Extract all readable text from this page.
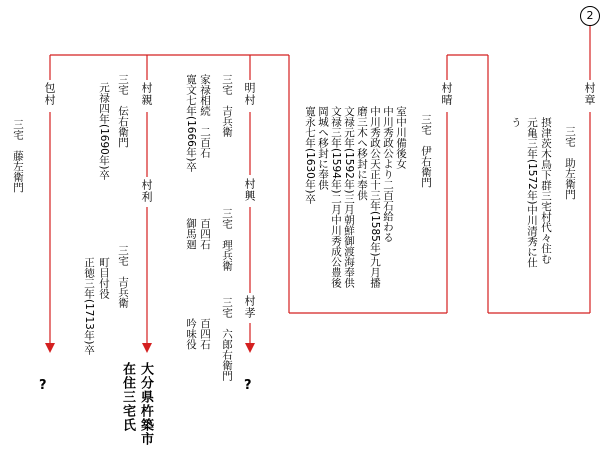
2
村章
三宅　助左衛門
摂津茨木鳥下群三宅村代々住む
元亀三年(1572年)中川清秀に仕
う
村晴
三宅　伊右衛門
室中川備後女
中川秀政公より二百石給わる
中川秀政公天正十三年(1585年)九月播
磨三木へ移封に奉供
文禄元年(1592年)三月朝鮮御渡海奉供
文禄三年(1594年)二月中川秀成公豊後
岡城へ移封に奉供
寛永七年(1630年)卒
明村
三宅　吉兵衛
家禄相続　二百石
寛文七年(1666年)卒
村興
三宅　理兵衛
百四石
御馬廻
村孝
三宅　六郎右衛門
百四石
吟味役
村親
三宅　伝右衛門
元禄四年(1690年)卒
村利
三宅　吉兵衛
町目付役
正徳三年(1713年)卒
包村
三宅　藤左衛門
?	?
大分県杵築市
在住三宅氏
